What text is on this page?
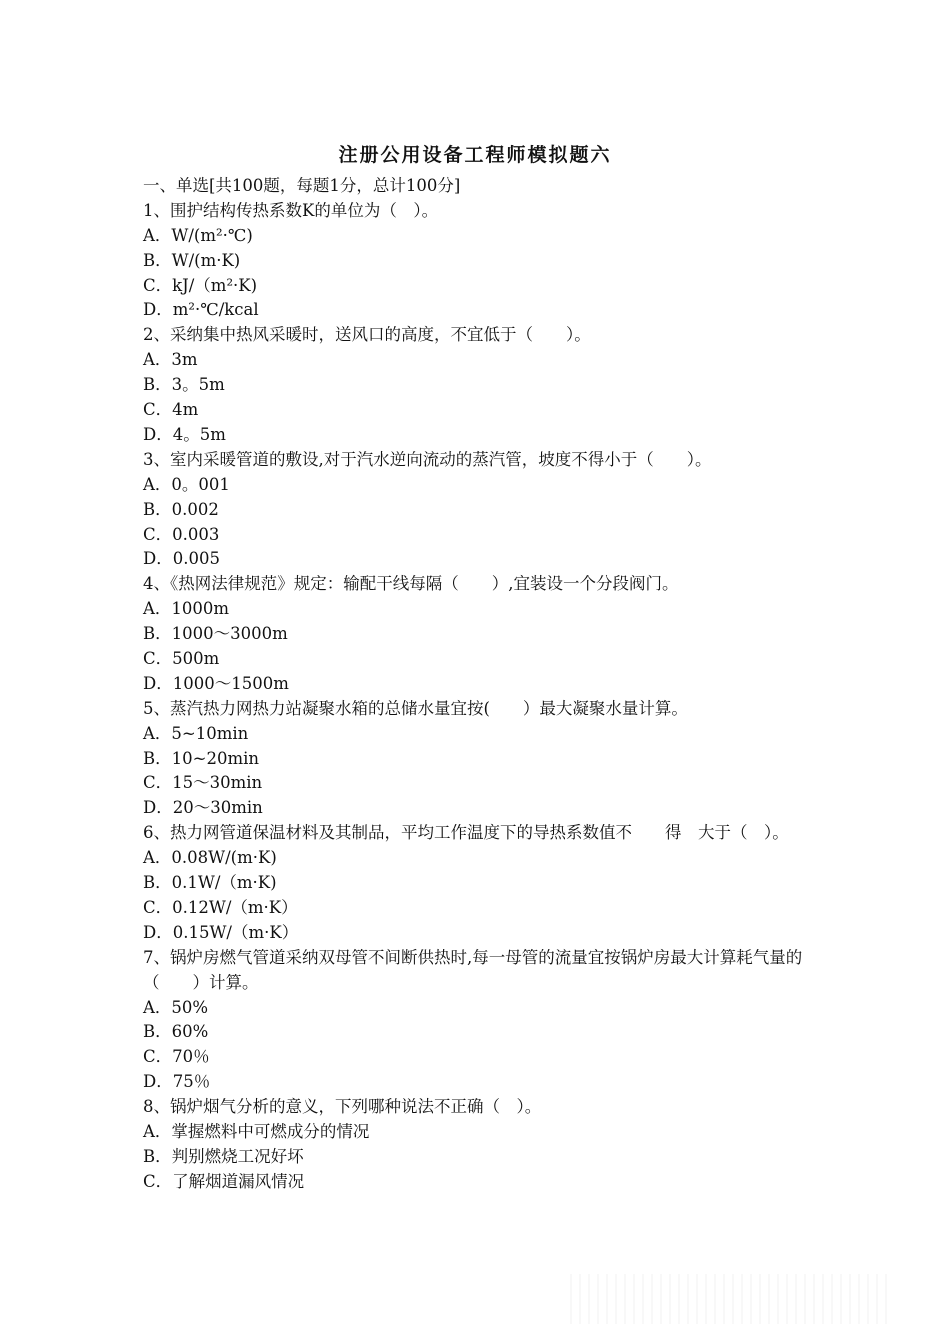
注册公用设备工程师模拟题六
一、单选[共100题，每题1分，总计100分]
1、围护结构传热系数K的单位为（　）。
A．W/(m²·℃)
B．W/(m·K)
C．kJ/（m²·K)
D．m²·℃/kcal
2、采纳集中热风采暖时，送风口的高度，不宜低于（　　）。
A．3m
B．3。5m
C．4m
D．4。5m
3、室内采暖管道的敷设,对于汽水逆向流动的蒸汽管，坡度不得小于（　　）。
A．0。001
B．0.002
C．0.003
D．0.005
4、《热网法律规范》规定：输配干线每隔（　　）,宜装设一个分段阀门。
A．1000m
B．1000～3000m
C．500m
D．1000～1500m
5、蒸汽热力网热力站凝聚水箱的总储水量宜按(　　）最大凝聚水量计算。
A．5~10min
B．10~20min
C．15～30min
D．20～30min
6、热力网管道保温材料及其制品，平均工作温度下的导热系数值不　　得　大于（　）。
A．0.08W/(m·K)
B．0.1W/（m·K)
C．0.12W/（m·K）
D．0.15W/（m·K）
7、锅炉房燃气管道采纳双母管不间断供热时,每一母管的流量宜按锅炉房最大计算耗气量的（　　）计算。
A．50%
B．60%
C．70％
D．75％
8、锅炉烟气分析的意义，下列哪种说法不正确（　）。
A．掌握燃料中可燃成分的情况
B．判别燃烧工况好坏
C．了解烟道漏风情况
